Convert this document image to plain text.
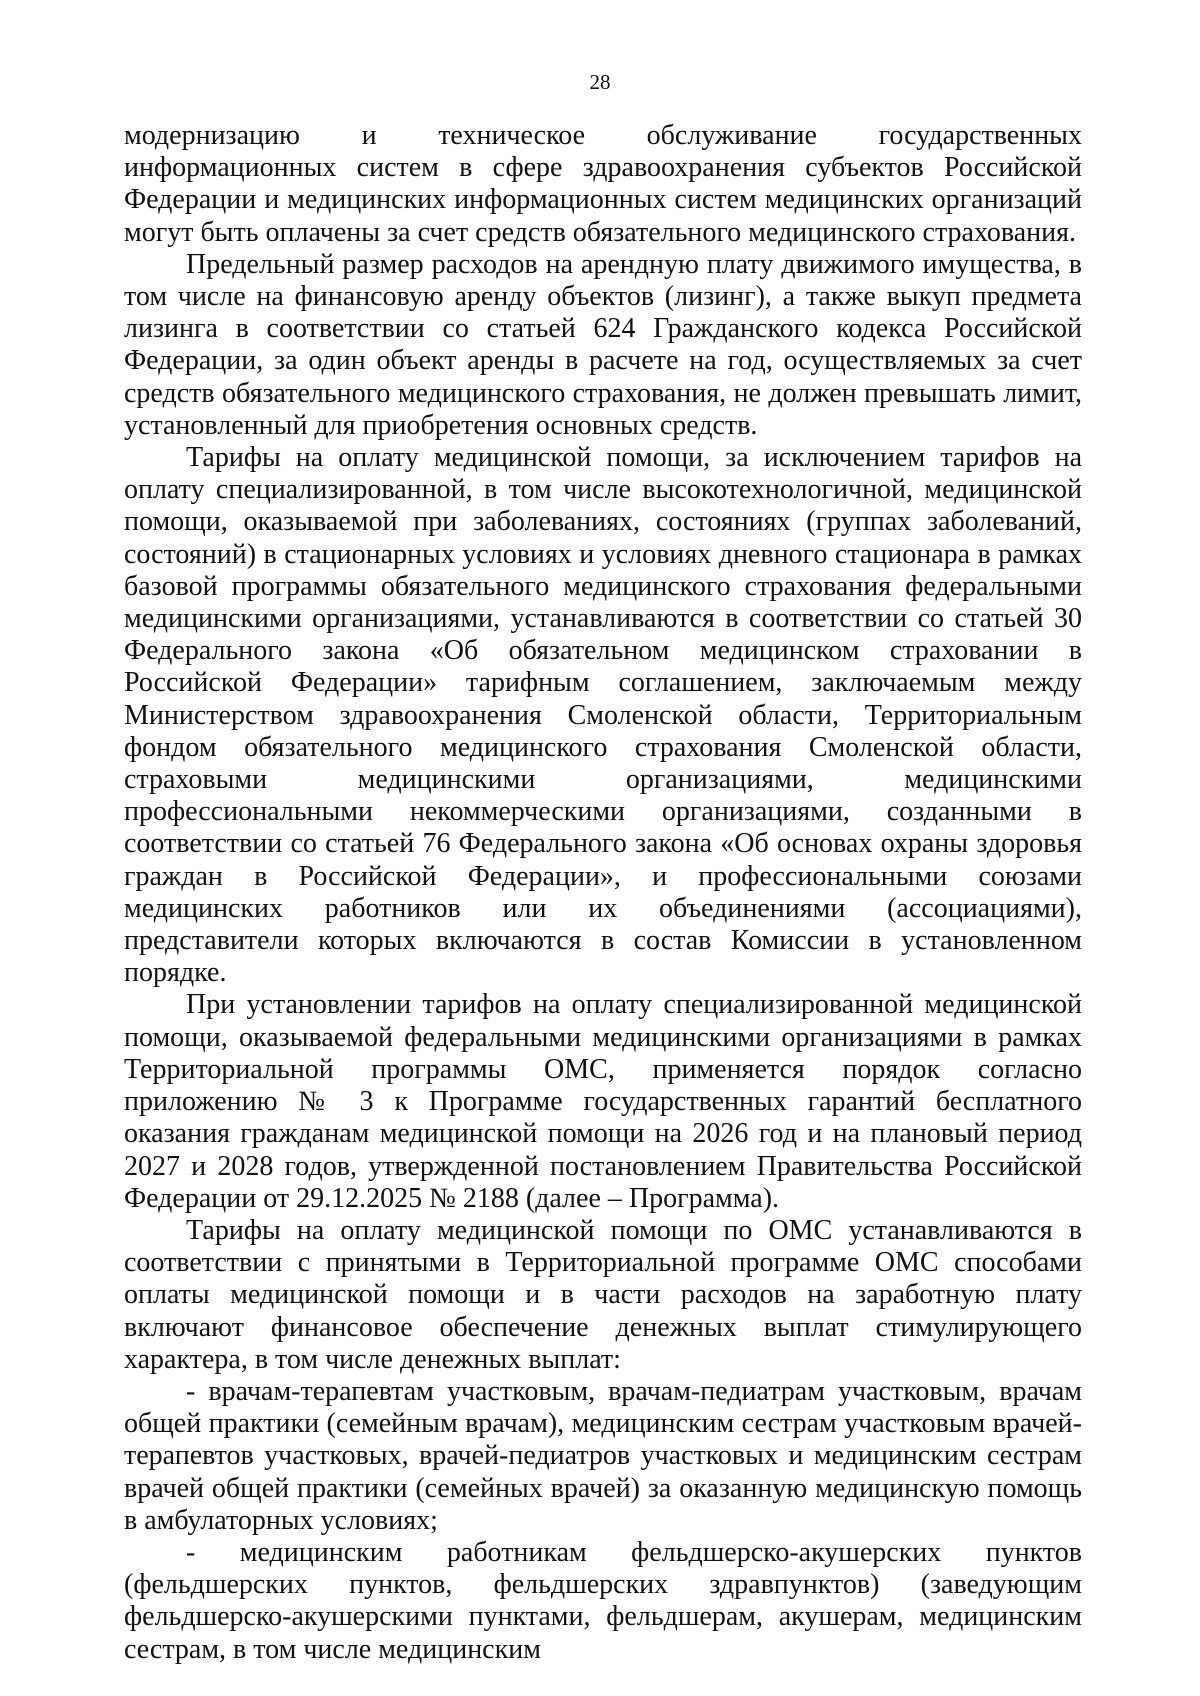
28

модернизацию и техническое обслуживание государственных информационных систем в сфере здравоохранения субъектов Российской Федерации и медицинских информационных систем медицинских организаций могут быть оплачены за счет средств обязательного медицинского страхования.

Предельный размер расходов на арендную плату движимого имущества, в том числе на финансовую аренду объектов (лизинг), а также выкуп предмета лизинга в соответствии со статьей 624 Гражданского кодекса Российской Федерации, за один объект аренды в расчете на год, осуществляемых за счет средств обязательного медицинского страхования, не должен превышать лимит, установленный для приобретения основных средств.

Тарифы на оплату медицинской помощи, за исключением тарифов на оплату специализированной, в том числе высокотехнологичной, медицинской помощи, оказываемой при заболеваниях, состояниях (группах заболеваний, состояний) в стационарных условиях и условиях дневного стационара в рамках базовой программы обязательного медицинского страхования федеральными медицинскими организациями, устанавливаются в соответствии со статьей 30 Федерального закона «Об обязательном медицинском страховании в Российской Федерации» тарифным соглашением, заключаемым между Министерством здравоохранения Смоленской области, Территориальным фондом обязательного медицинского страхования Смоленской области, страховыми медицинскими организациями, медицинскими профессиональными некоммерческими организациями, созданными в соответствии со статьей 76 Федерального закона «Об основах охраны здоровья граждан в Российской Федерации», и профессиональными союзами медицинских работников или их объединениями (ассоциациями), представители которых включаются в состав Комиссии в установленном порядке.

При установлении тарифов на оплату специализированной медицинской помощи, оказываемой федеральными медицинскими организациями в рамках Территориальной программы ОМС, применяется порядок согласно приложению № 3 к Программе государственных гарантий бесплатного оказания гражданам медицинской помощи на 2026 год и на плановый период 2027 и 2028 годов, утвержденной постановлением Правительства Российской Федерации от 29.12.2025 № 2188 (далее – Программа).

Тарифы на оплату медицинской помощи по ОМС устанавливаются в соответствии с принятыми в Территориальной программе ОМС способами оплаты медицинской помощи и в части расходов на заработную плату включают финансовое обеспечение денежных выплат стимулирующего характера, в том числе денежных выплат:

- врачам-терапевтам участковым, врачам-педиатрам участковым, врачам общей практики (семейным врачам), медицинским сестрам участковым врачей-терапевтов участковых, врачей-педиатров участковых и медицинским сестрам врачей общей практики (семейных врачей) за оказанную медицинскую помощь в амбулаторных условиях;

- медицинским работникам фельдшерско-акушерских пунктов (фельдшерских пунктов, фельдшерских здравпунктов) (заведующим фельдшерско-акушерскими пунктами, фельдшерам, акушерам, медицинским сестрам, в том числе медицинским
